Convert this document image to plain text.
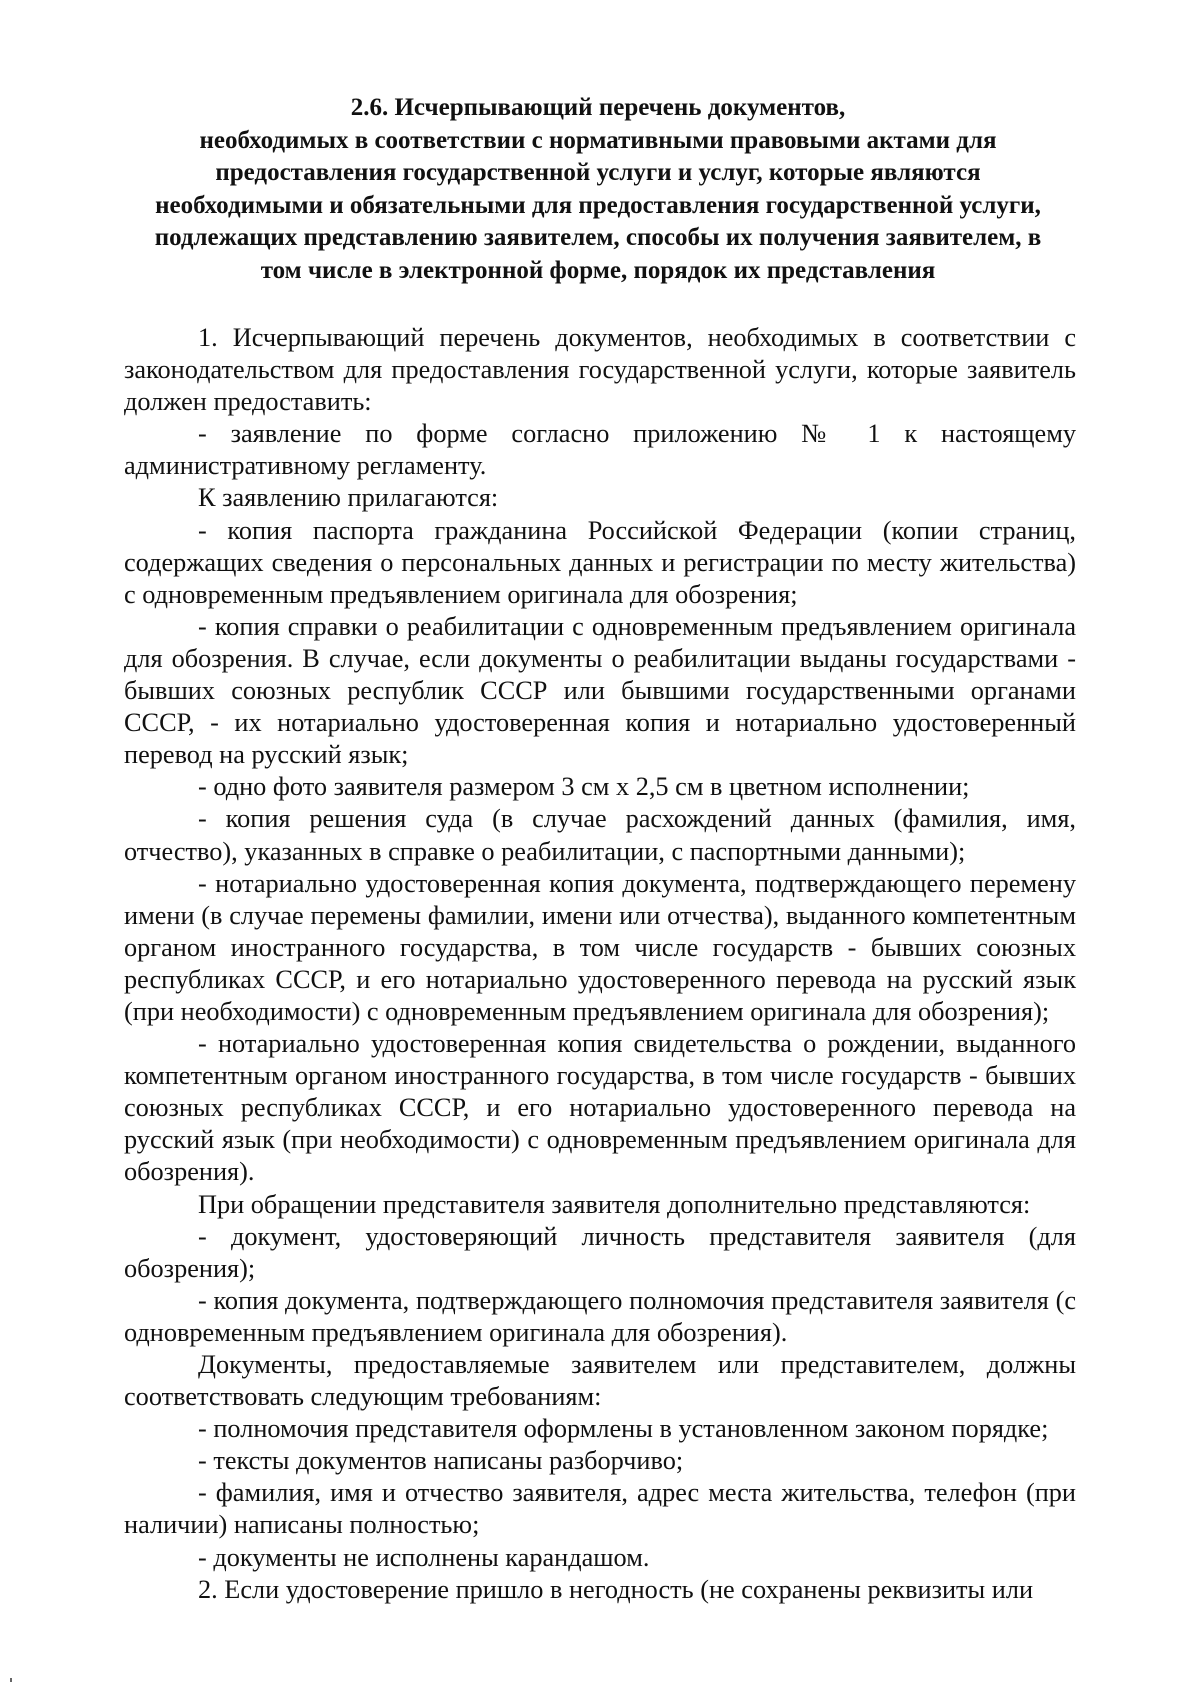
2.6. Исчерпывающий перечень документов,
необходимых в соответствии с нормативными правовыми актами для
предоставления государственной услуги и услуг, которые являются
необходимыми и обязательными для предоставления государственной услуги,
подлежащих представлению заявителем, способы их получения заявителем, в
том числе в электронной форме, порядок их представления

1. Исчерпывающий перечень документов, необходимых в соответствии с законодательством для предоставления государственной услуги, которые заявитель должен предоставить:

- заявление по форме согласно приложению № 1 к настоящему административному регламенту.

К заявлению прилагаются:

- копия паспорта гражданина Российской Федерации (копии страниц, содержащих сведения о персональных данных и регистрации по месту жительства) с одновременным предъявлением оригинала для обозрения;

- копия справки о реабилитации с одновременным предъявлением оригинала для обозрения. В случае, если документы о реабилитации выданы государствами - бывших союзных республик СССР или бывшими государственными органами СССР, - их нотариально удостоверенная копия и нотариально удостоверенный перевод на русский язык;

- одно фото заявителя размером 3 см х 2,5 см в цветном исполнении;

- копия решения суда (в случае расхождений данных (фамилия, имя, отчество), указанных в справке о реабилитации, с паспортными данными);

- нотариально удостоверенная копия документа, подтверждающего перемену имени (в случае перемены фамилии, имени или отчества), выданного компетентным органом иностранного государства, в том числе государств - бывших союзных республиках СССР, и его нотариально удостоверенного перевода на русский язык (при необходимости) с одновременным предъявлением оригинала для обозрения);

- нотариально удостоверенная копия свидетельства о рождении, выданного компетентным органом иностранного государства, в том числе государств - бывших союзных республиках СССР, и его нотариально удостоверенного перевода на русский язык (при необходимости) с одновременным предъявлением оригинала для обозрения).

При обращении представителя заявителя дополнительно представляются:

- документ, удостоверяющий личность представителя заявителя (для обозрения);

- копия документа, подтверждающего полномочия представителя заявителя (с одновременным предъявлением оригинала для обозрения).

Документы, предоставляемые заявителем или представителем, должны соответствовать следующим требованиям:

- полномочия представителя оформлены в установленном законом порядке;

- тексты документов написаны разборчиво;

- фамилия, имя и отчество заявителя, адрес места жительства, телефон (при наличии) написаны полностью;

- документы не исполнены карандашом.

2. Если удостоверение пришло в негодность (не сохранены реквизиты или
